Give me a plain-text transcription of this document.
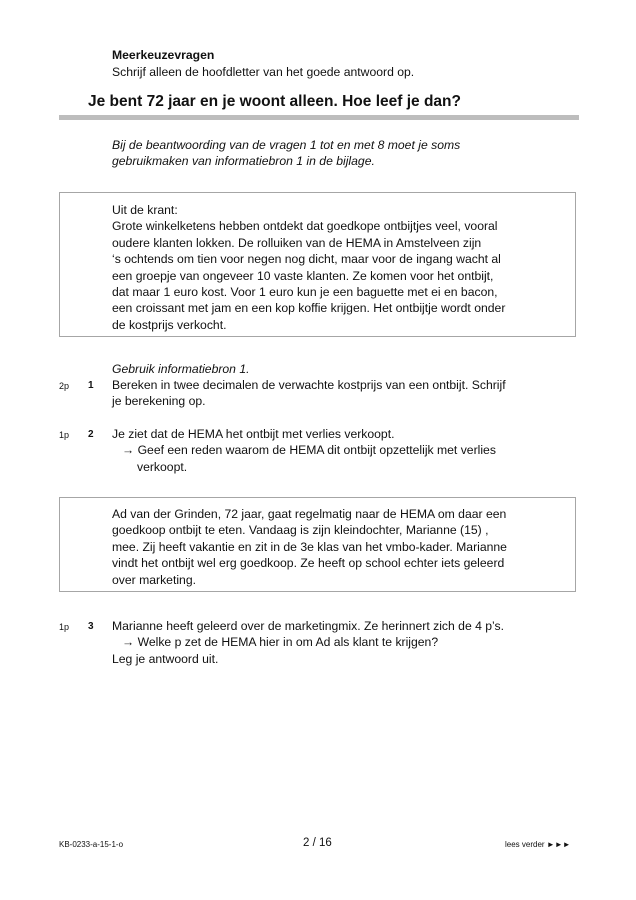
Meerkeuzevragen
Schrijf alleen de hoofdletter van het goede antwoord op.
Je bent 72 jaar en je woont alleen. Hoe leef je dan?
Bij de beantwoording van de vragen 1 tot en met 8 moet je soms
gebruikmaken van informatiebron 1 in de bijlage.
Uit de krant:
Grote winkelketens hebben ontdekt dat goedkope ontbijtjes veel, vooral
oudere klanten lokken. De rolluiken van de HEMA in Amstelveen zijn
‘s ochtends om tien voor negen nog dicht, maar voor de ingang wacht al
een groepje van ongeveer 10 vaste klanten. Ze komen voor het ontbijt,
dat maar 1 euro kost. Voor 1 euro kun je een baguette met ei en bacon,
een croissant met jam en een kop koffie krijgen. Het ontbijtje wordt onder
de kostprijs verkocht.
Gebruik informatiebron 1.
2p 1 Bereken in twee decimalen de verwachte kostprijs van een ontbijt. Schrijf
je berekening op.
1p 2 Je ziet dat de HEMA het ontbijt met verlies verkoopt.
→ Geef een reden waarom de HEMA dit ontbijt opzettelijk met verlies
verkoopt.
Ad van der Grinden, 72 jaar, gaat regelmatig naar de HEMA om daar een
goedkoop ontbijt te eten. Vandaag is zijn kleindochter, Marianne (15) ,
mee. Zij heeft vakantie en zit in de 3e klas van het vmbo-kader. Marianne
vindt het ontbijt wel erg goedkoop. Ze heeft op school echter iets geleerd
over marketing.
1p 3 Marianne heeft geleerd over de marketingmix. Ze herinnert zich de 4 p’s.
→ Welke p zet de HEMA hier in om Ad als klant te krijgen?
Leg je antwoord uit.
KB-0233-a-15-1-o	2 / 16	lees verder ►►►
